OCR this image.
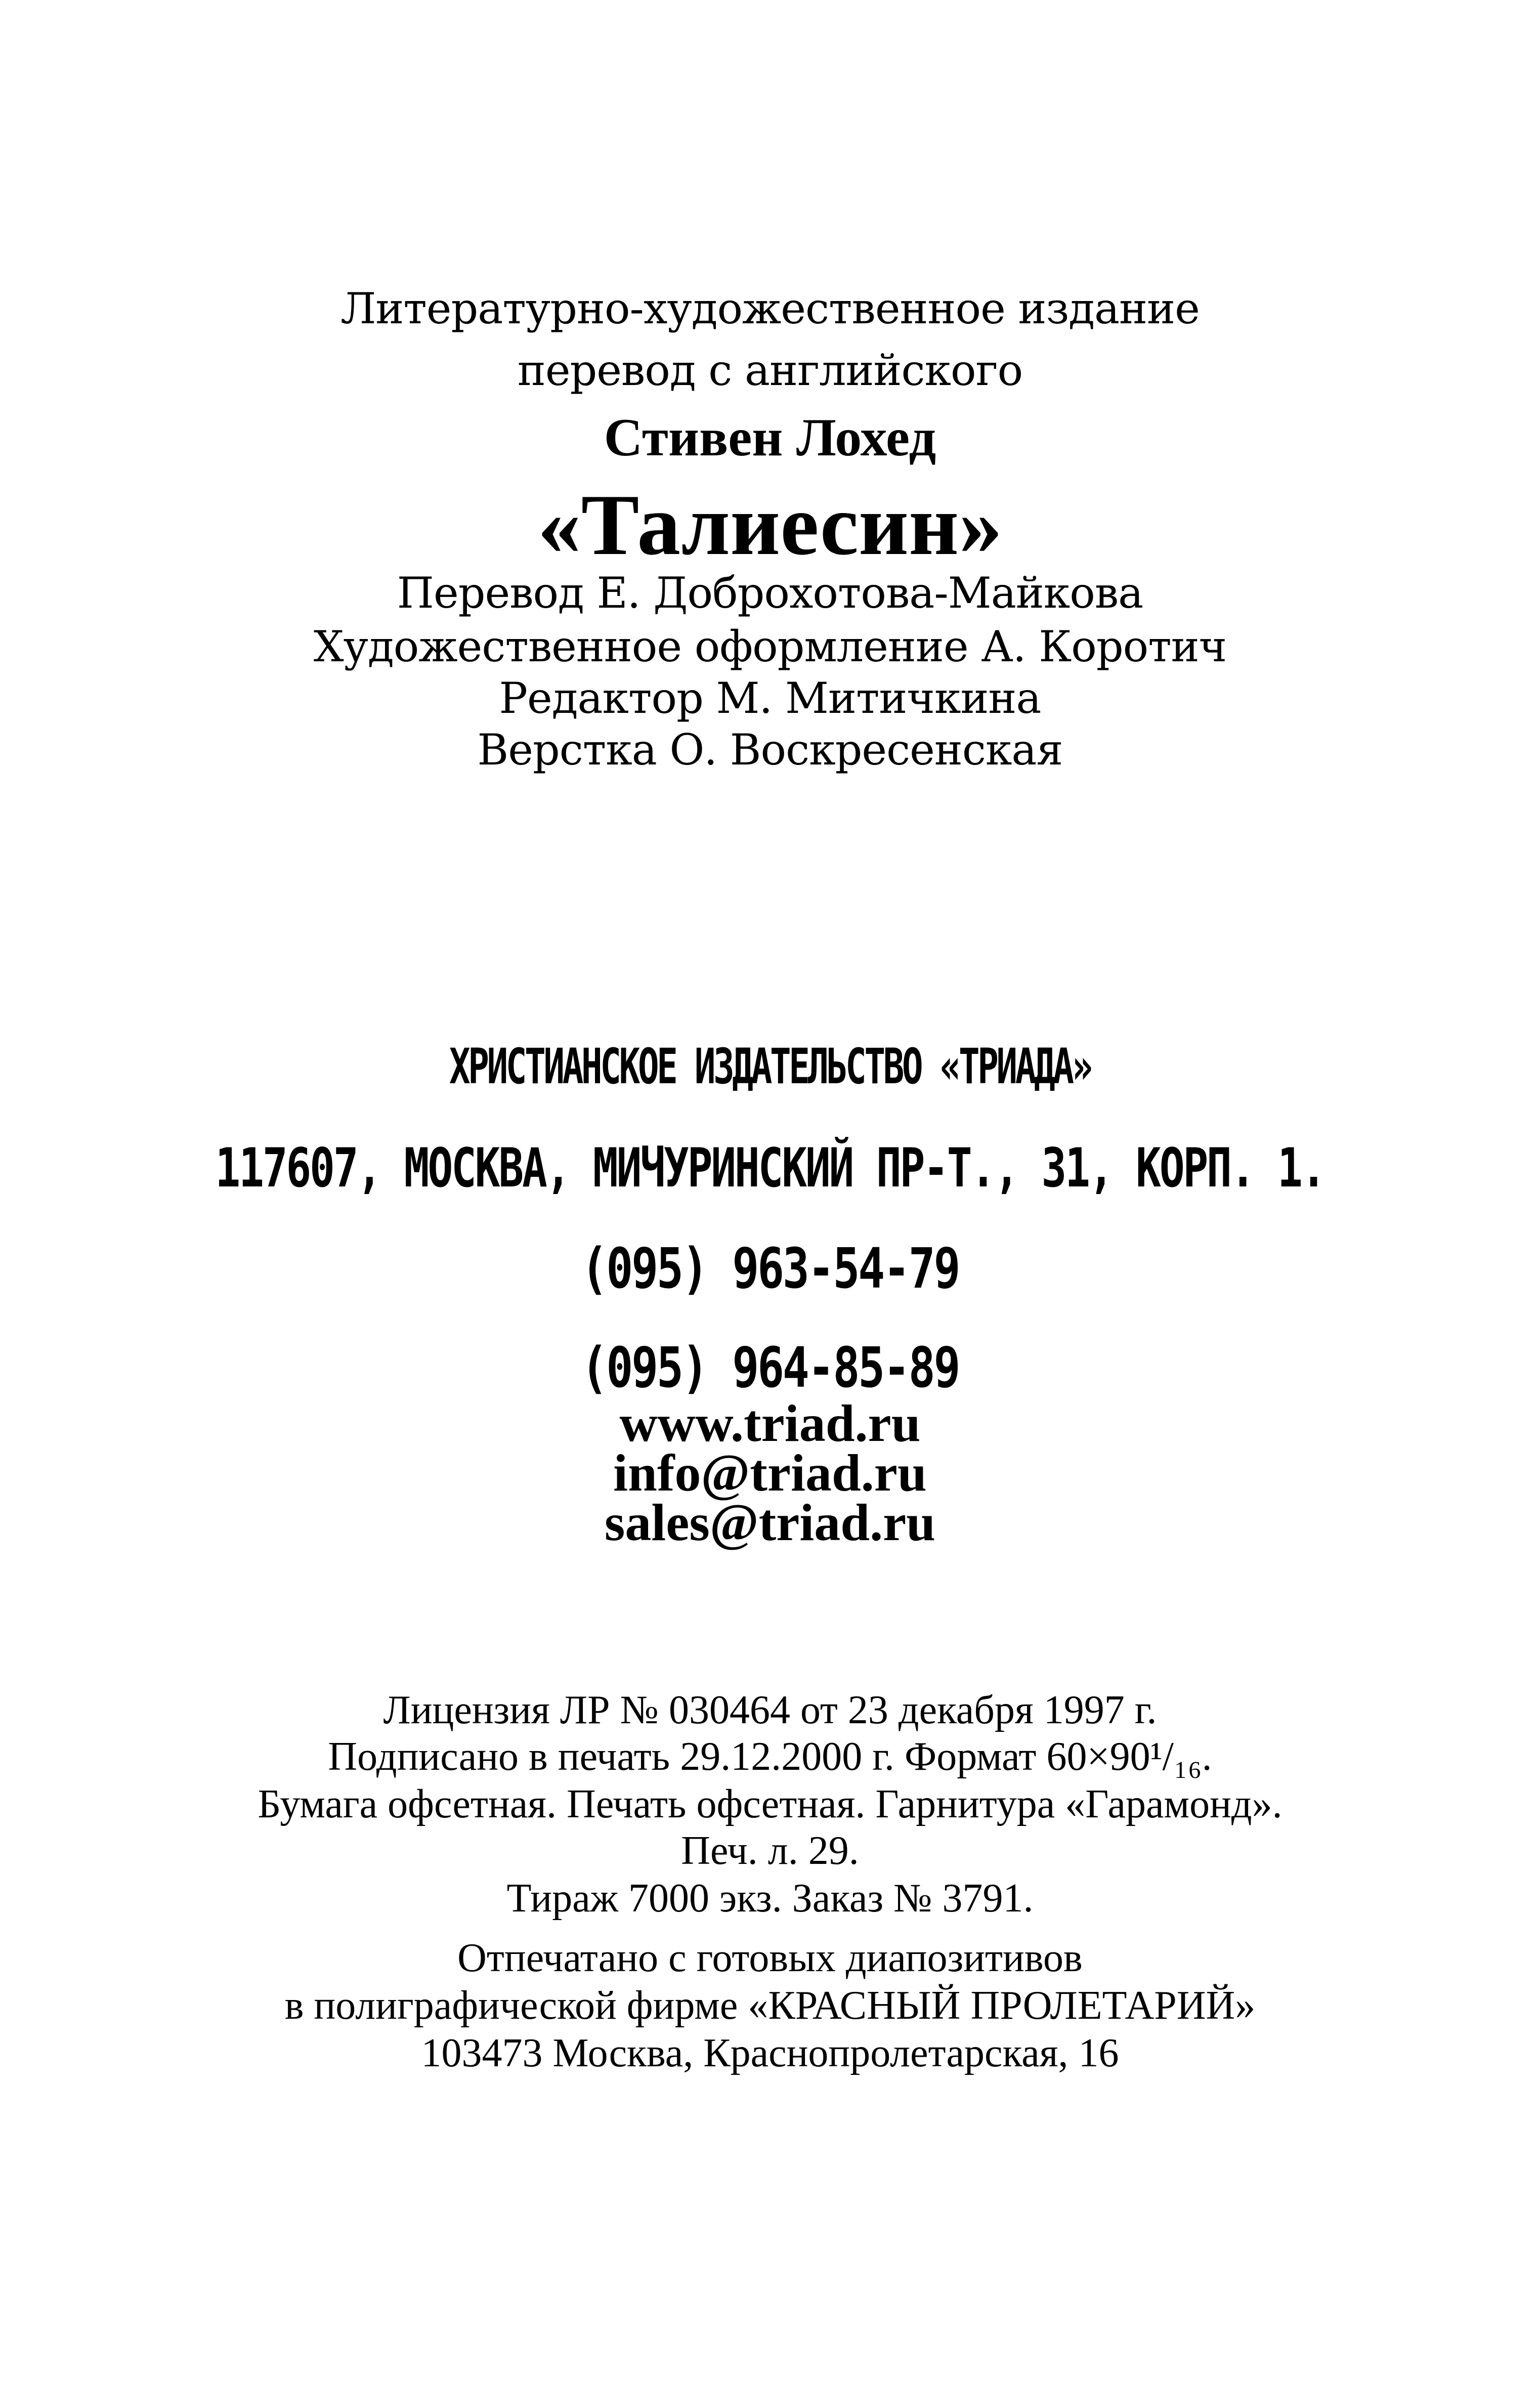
Литературно-художественное издание
перевод с английского
Стивен Лохед
«Талиесин»
Перевод Е. Доброхотова-Майкова
Художественное оформление А. Коротич
Редактор М. Митичкина
Верстка О. Воскресенская
ХРИСТИАНСКОЕ ИЗДАТЕЛЬСТВО «ТРИАДА»
117607, МОСКВА, МИЧУРИНСКИЙ ПР-Т., 31, КОРП. 1.
(095) 963-54-79
(095) 964-85-89
www.triad.ru
info@triad.ru
sales@triad.ru
Лицензия ЛР № 030464 от 23 декабря 1997 г.
Подписано в печать 29.12.2000 г. Формат 60×90¹/₁₆.
Бумага офсетная. Печать офсетная. Гарнитура «Гарамонд».
Печ. л. 29.
Тираж 7000 экз. Заказ № 3791.
Отпечатано с готовых диапозитивов
в полиграфической фирме «КРАСНЫЙ ПРОЛЕТАРИЙ»
103473 Москва, Краснопролетарская, 16
